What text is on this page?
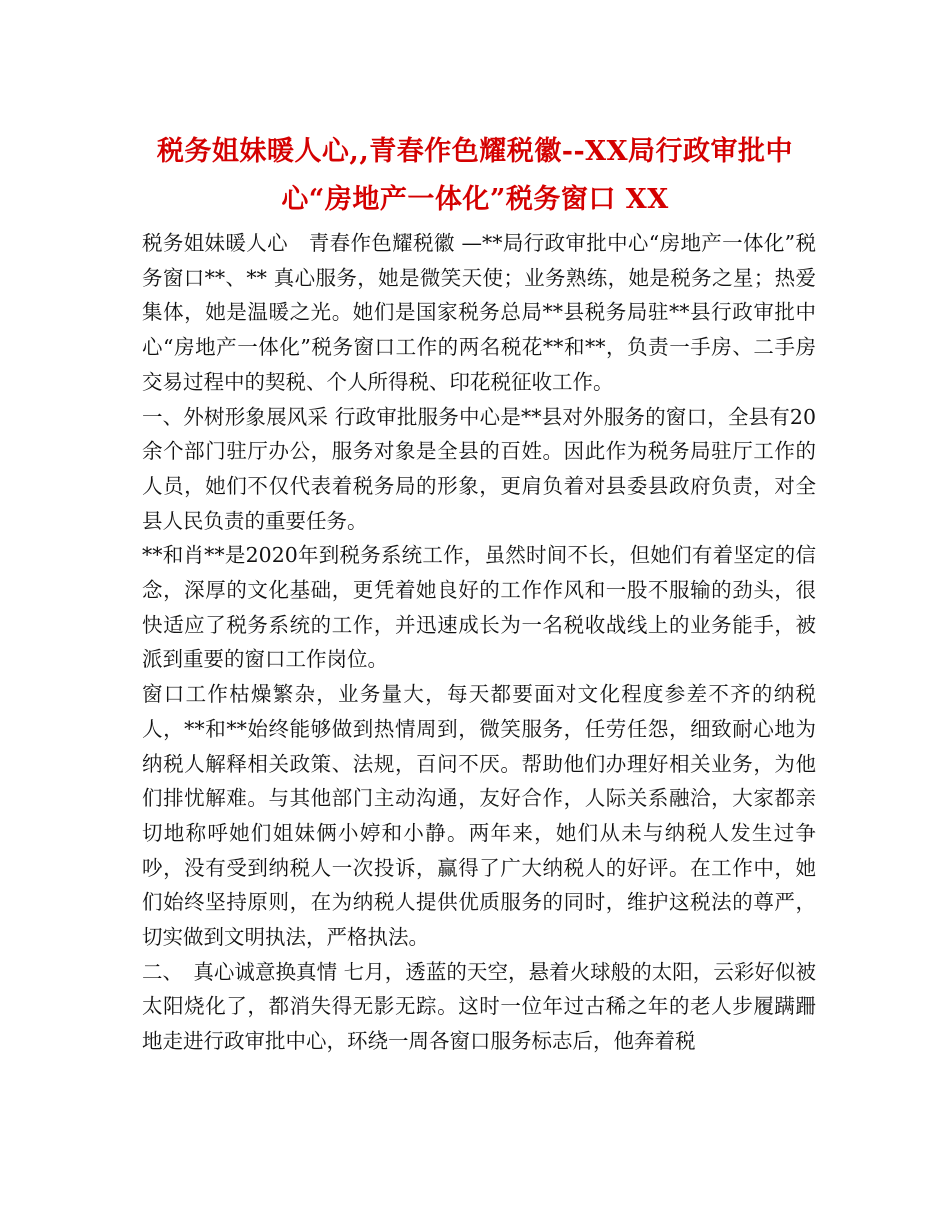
税务姐妹暖人心,,青春作色耀税徽--XX局行政审批中
心“房地产一体化”税务窗口 XX

税务姐妹暖人心　青春作色耀税徽 —**局行政审批中心“房地产一体化”税务窗口**、** 真心服务，她是微笑天使；业务熟练，她是税务之星；热爱集体，她是温暖之光。她们是国家税务总局**县税务局驻**县行政审批中心“房地产一体化”税务窗口工作的两名税花**和**，负责一手房、二手房交易过程中的契税、个人所得税、印花税征收工作。

一、外树形象展风采 行政审批服务中心是**县对外服务的窗口，全县有20余个部门驻厅办公，服务对象是全县的百姓。因此作为税务局驻厅工作的人员，她们不仅代表着税务局的形象，更肩负着对县委县政府负责，对全县人民负责的重要任务。

**和肖**是2020年到税务系统工作，虽然时间不长，但她们有着坚定的信念，深厚的文化基础，更凭着她良好的工作作风和一股不服输的劲头，很快适应了税务系统的工作，并迅速成长为一名税收战线上的业务能手，被派到重要的窗口工作岗位。

窗口工作枯燥繁杂，业务量大，每天都要面对文化程度参差不齐的纳税人，**和**始终能够做到热情周到，微笑服务，任劳任怨，细致耐心地为纳税人解释相关政策、法规，百问不厌。帮助他们办理好相关业务，为他们排忧解难。与其他部门主动沟通，友好合作，人际关系融洽，大家都亲切地称呼她们姐妹俩小婷和小静。两年来，她们从未与纳税人发生过争吵，没有受到纳税人一次投诉，赢得了广大纳税人的好评。在工作中，她们始终坚持原则，在为纳税人提供优质服务的同时，维护这税法的尊严，切实做到文明执法，严格执法。

二、　真心诚意换真情 七月，透蓝的天空，悬着火球般的太阳，云彩好似被太阳烧化了，都消失得无影无踪。这时一位年过古稀之年的老人步履蹒跚地走进行政审批中心，环绕一周各窗口服务标志后，他奔着税
